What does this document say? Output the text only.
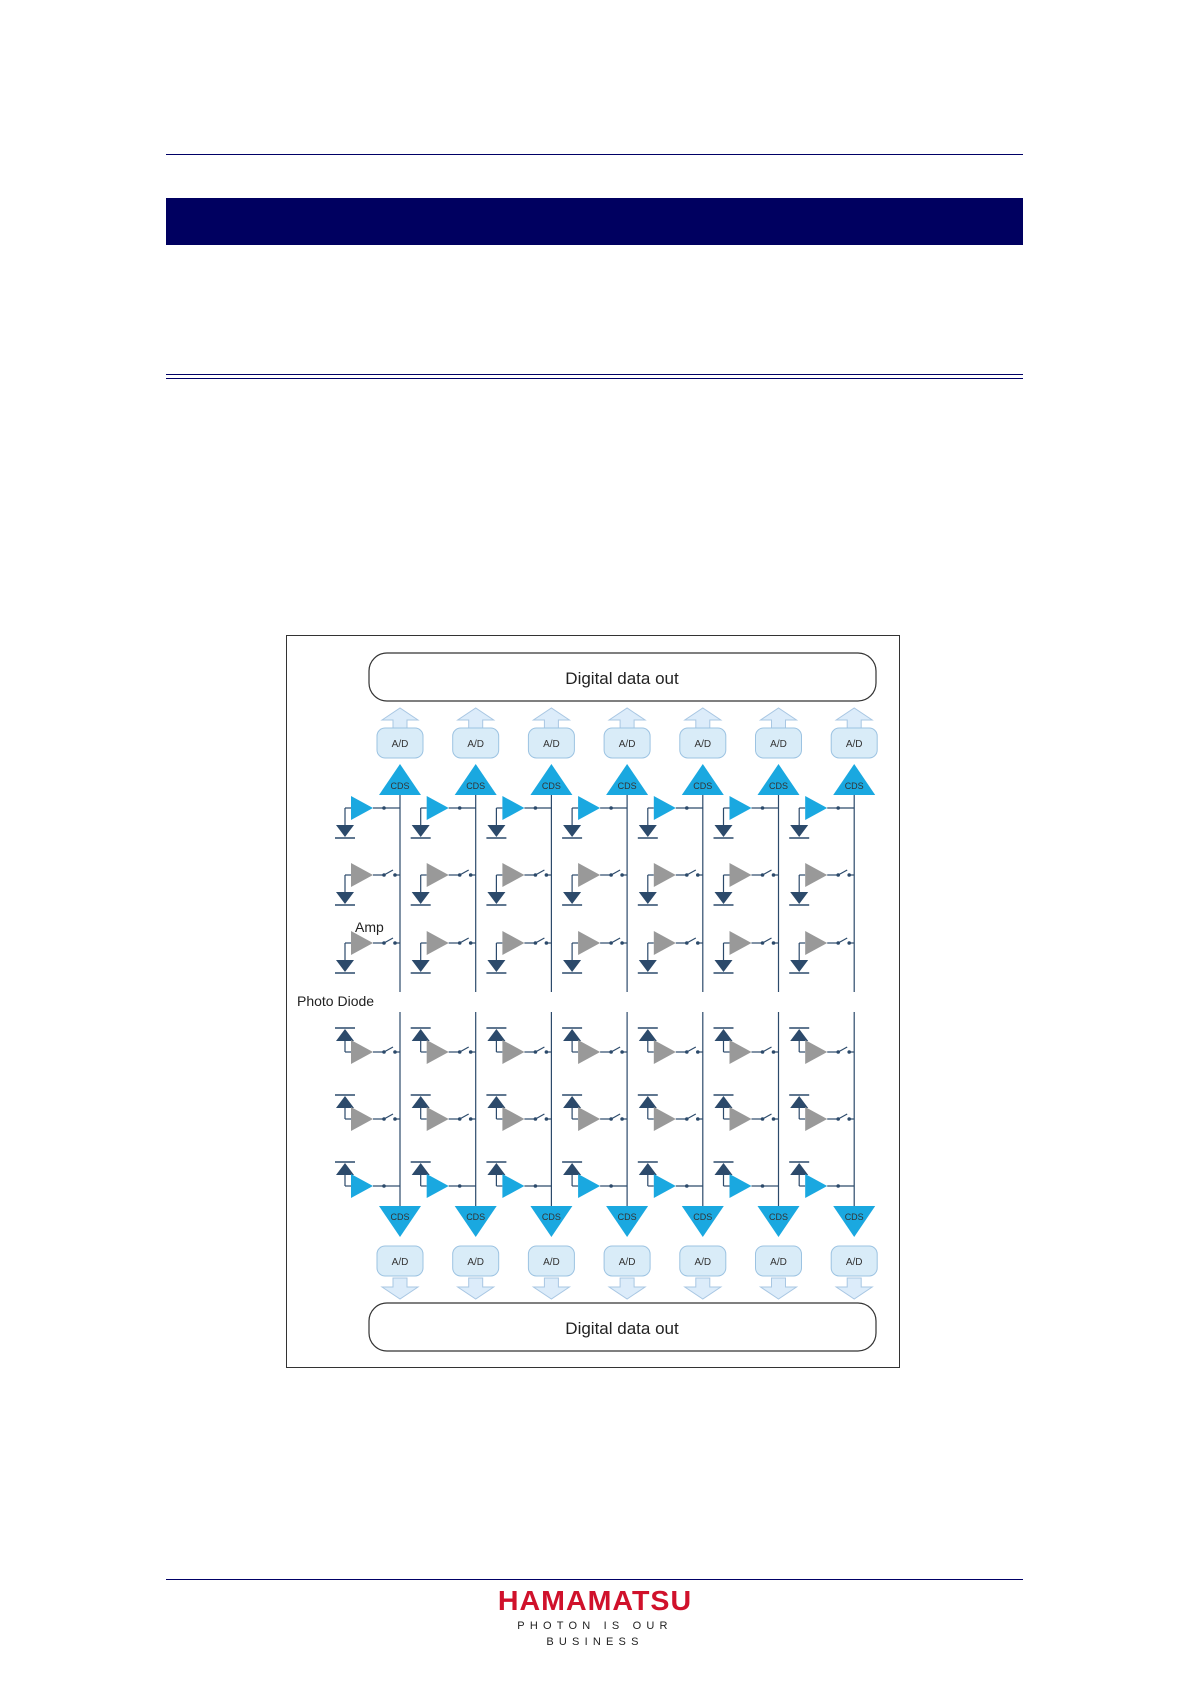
Digital data out
Digital data out
Amp
Photo Diode
A/D
CDS
CDS
A/D
A/D
CDS
CDS
A/D
A/D
CDS
CDS
A/D
A/D
CDS
CDS
A/D
A/D
CDS
CDS
A/D
A/D
CDS
CDS
A/D
A/D
CDS
CDS
A/D
HAMAMATSU
PHOTON IS OUR BUSINESS
